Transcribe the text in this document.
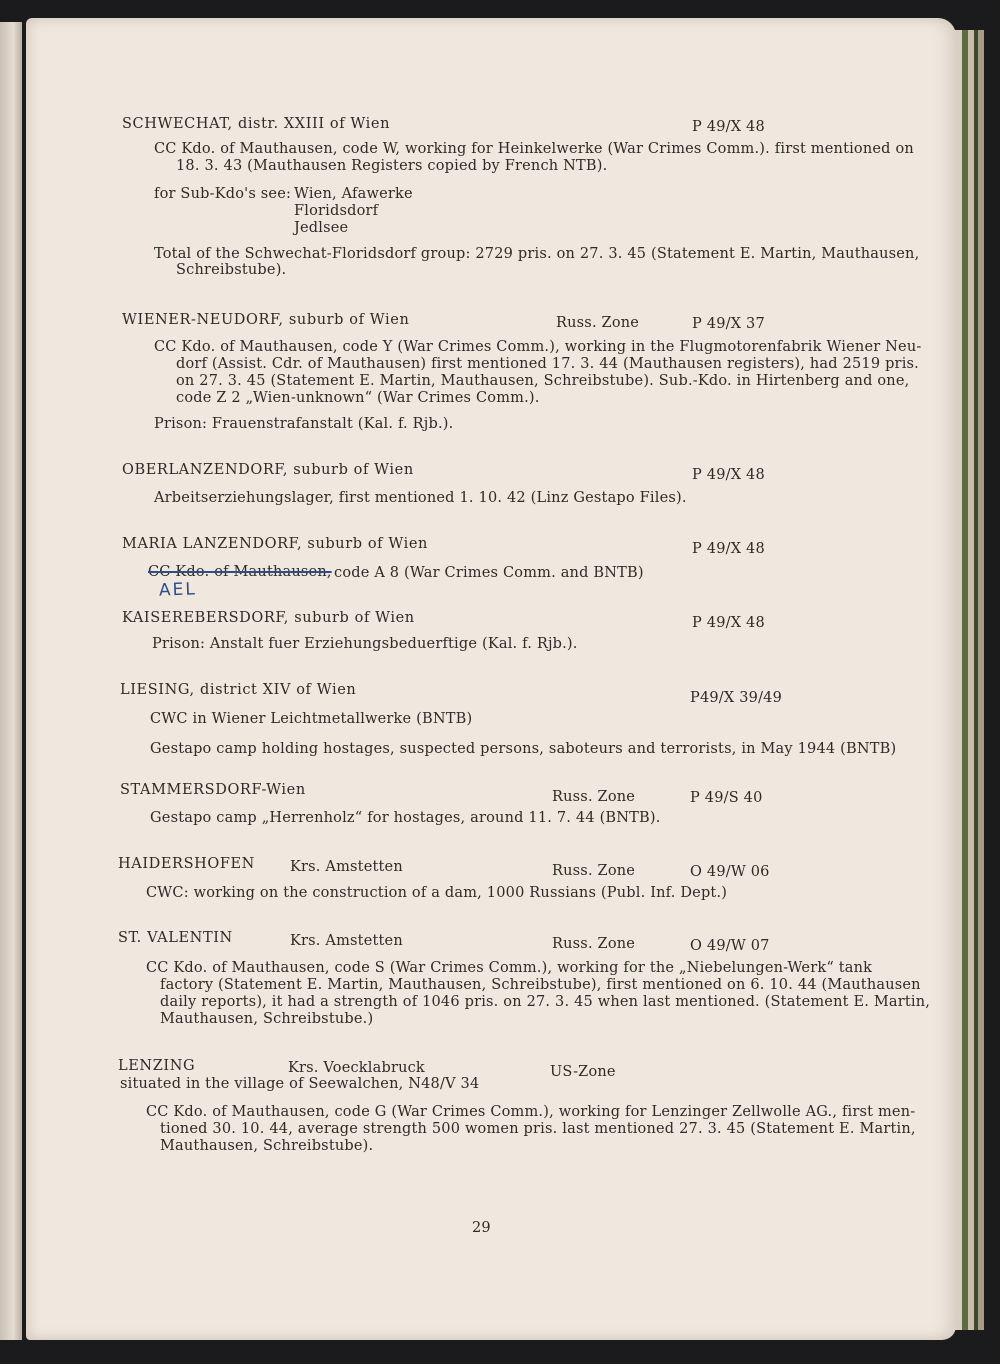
SCHWECHAT, distr. XXIII of Wien	P 49/X 48
CC Kdo. of Mauthausen, code W, working for Heinkelwerke (War Crimes Comm.). first mentioned on
18. 3. 43 (Mauthausen Registers copied by French NTB).
for Sub-Kdo's see: Wien, Afawerke
Floridsdorf
Jedlsee
Total of the Schwechat-Floridsdorf group: 2729 pris. on 27. 3. 45 (Statement E. Martin, Mauthausen,
Schreibstube).
WIENER-NEUDORF, suburb of Wien	Russ. Zone	P 49/X 37
CC Kdo. of Mauthausen, code Y (War Crimes Comm.), working in the Flugmotorenfabrik Wiener Neu-
dorf (Assist. Cdr. of Mauthausen) first mentioned 17. 3. 44 (Mauthausen registers), had 2519 pris.
on 27. 3. 45 (Statement E. Martin, Mauthausen, Schreibstube). Sub.-Kdo. in Hirtenberg and one,
code Z 2 „Wien-unknown“ (War Crimes Comm.).
Prison: Frauenstrafanstalt (Kal. f. Rjb.).
OBERLANZENDORF, suburb of Wien	P 49/X 48
Arbeitserziehungslager, first mentioned 1. 10. 42 (Linz Gestapo Files).
MARIA LANZENDORF, suburb of Wien	P 49/X 48
CC Kdo. of Mauthausen, code A 8 (War Crimes Comm. and BNTB)
AEL
KAISEREBERSDORF, suburb of Wien	P 49/X 48
Prison: Anstalt fuer Erziehungsbeduerftige (Kal. f. Rjb.).
LIESING, district XIV of Wien	P49/X 39/49
CWC in Wiener Leichtmetallwerke (BNTB)
Gestapo camp holding hostages, suspected persons, saboteurs and terrorists, in May 1944 (BNTB)
STAMMERSDORF-Wien	Russ. Zone	P 49/S 40
Gestapo camp „Herrenholz“ for hostages, around 11. 7. 44 (BNTB).
HAIDERSHOFEN Krs. Amstetten	Russ. Zone	O 49/W 06
CWC: working on the construction of a dam, 1000 Russians (Publ. Inf. Dept.)
ST. VALENTIN	Krs. Amstetten	Russ. Zone	O 49/W 07
CC Kdo. of Mauthausen, code S (War Crimes Comm.), working for the „Niebelungen-Werk“ tank
factory (Statement E. Martin, Mauthausen, Schreibstube), first mentioned on 6. 10. 44 (Mauthausen
daily reports), it had a strength of 1046 pris. on 27. 3. 45 when last mentioned. (Statement E. Martin,
Mauthausen, Schreibstube.)
LENZING	Krs. Voecklabruck	US-Zone
situated in the village of Seewalchen, N48/V 34
CC Kdo. of Mauthausen, code G (War Crimes Comm.), working for Lenzinger Zellwolle AG., first men-
tioned 30. 10. 44, average strength 500 women pris. last mentioned 27. 3. 45 (Statement E. Martin,
Mauthausen, Schreibstube).
29
